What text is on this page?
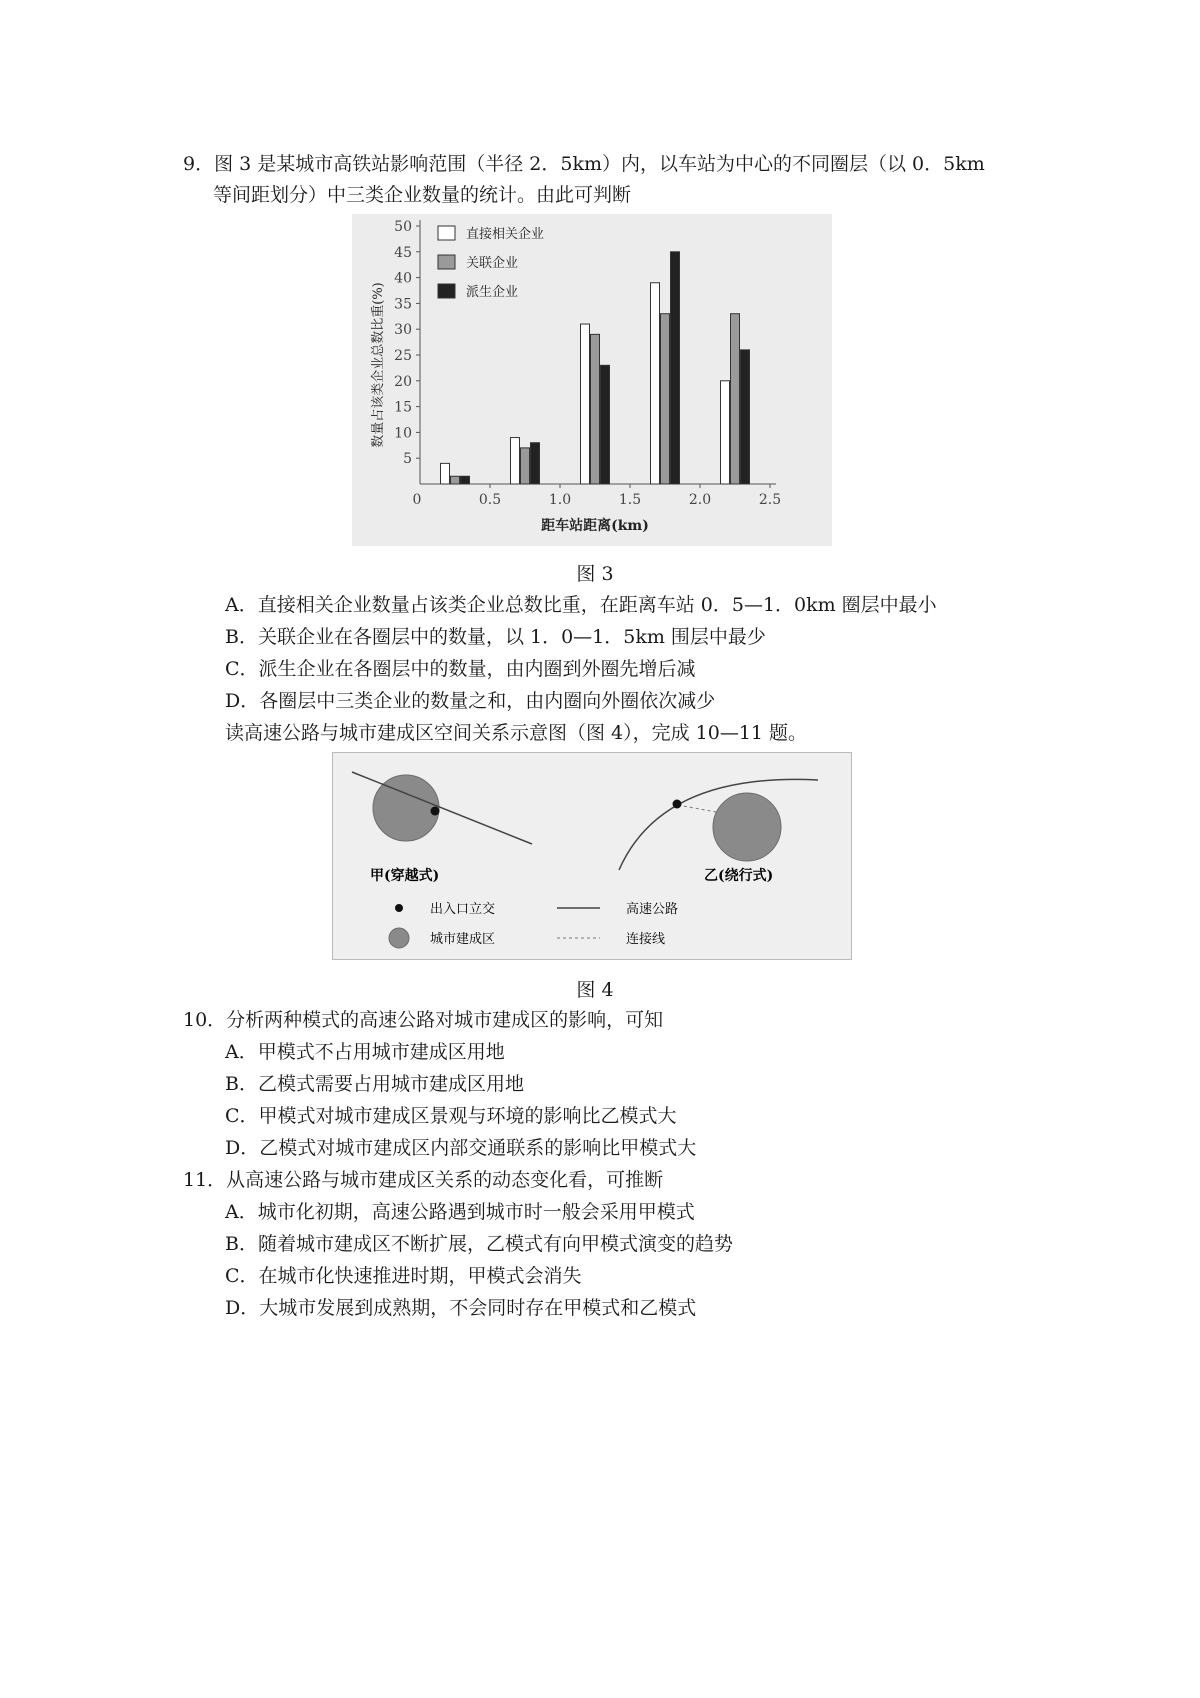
9．图 3 是某城市高铁站影响范围（半径 2．5km）内，以车站为中心的不同圈层（以 0．5km
等间距划分）中三类企业数量的统计。由此可判断
5
10
15
20
25
30
35
40
45
50
0	0.5	1.0	1.5	2.0	2.5
距车站距离(km)
数量占该类企业总数比重(%)
直接相关企业
关联企业
派生企业
图 3
A．直接相关企业数量占该类企业总数比重，在距离车站 0．5—1．0km 圈层中最小
B．关联企业在各圈层中的数量，以 1．0—1．5km 围层中最少
C．派生企业在各圈层中的数量，由内圈到外圈先增后减
D．各圈层中三类企业的数量之和，由内圈向外圈依次减少
读高速公路与城市建成区空间关系示意图（图 4），完成 10—11 题。
甲(穿越式)	乙(绕行式)
出入口立交	高速公路
城市建成区	连接线
图 4
10．分析两种模式的高速公路对城市建成区的影响，可知
A．甲模式不占用城市建成区用地
B．乙模式需要占用城市建成区用地
C．甲模式对城市建成区景观与环境的影响比乙模式大
D．乙模式对城市建成区内部交通联系的影响比甲模式大
11．从高速公路与城市建成区关系的动态变化看，可推断
A．城市化初期，高速公路遇到城市时一般会采用甲模式
B．随着城市建成区不断扩展，乙模式有向甲模式演变的趋势
C．在城市化快速推进时期，甲模式会消失
D．大城市发展到成熟期，不会同时存在甲模式和乙模式
